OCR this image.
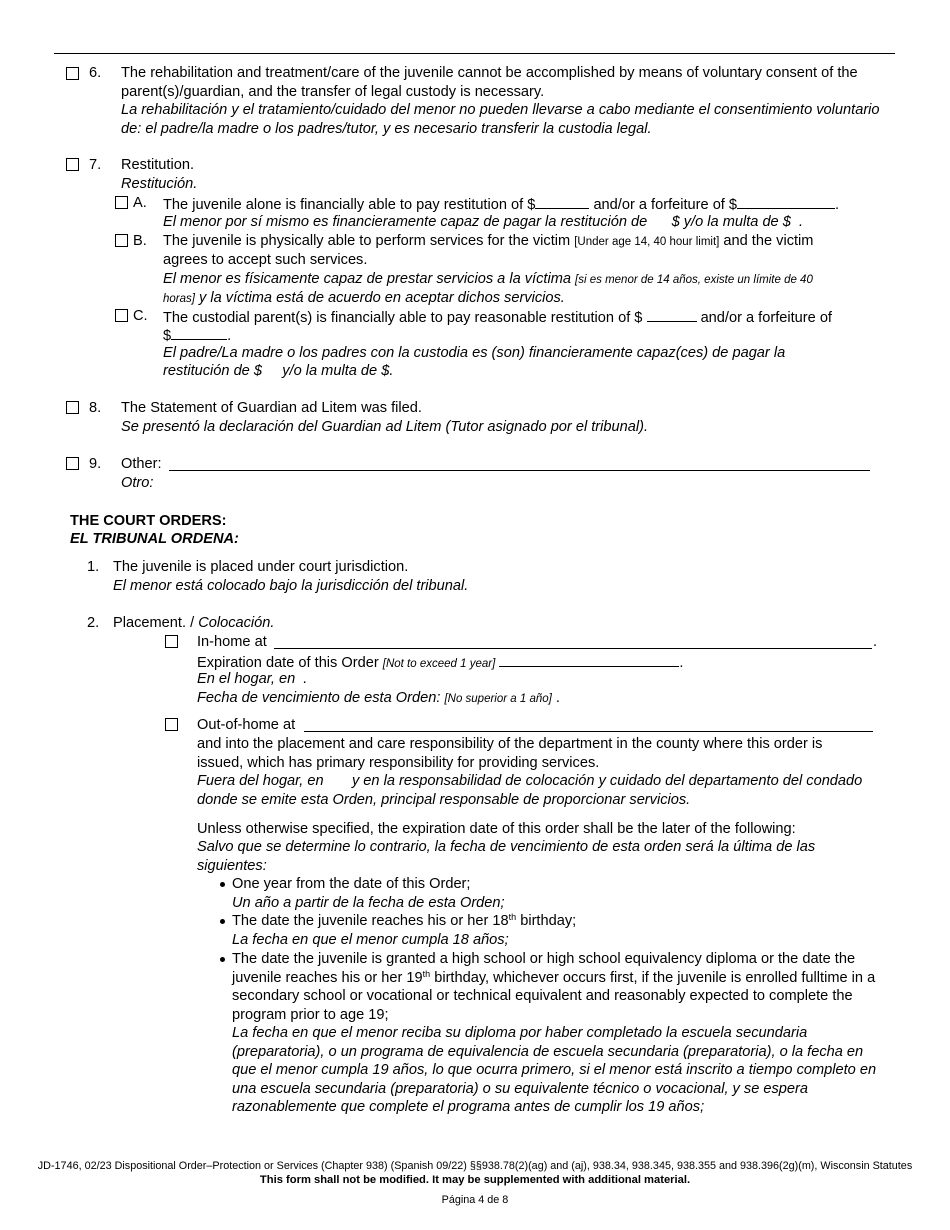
6. The rehabilitation and treatment/care of the juvenile cannot be accomplished by means of voluntary consent of the parent(s)/guardian, and the transfer of legal custody is necessary.
La rehabilitación y el tratamiento/cuidado del menor no pueden llevarse a cabo mediante el consentimiento voluntario de: el padre/la madre o los padres/tutor, y es necesario transferir la custodia legal.
7. Restitution.
Restitución.
A. The juvenile alone is financially able to pay restitution of $	and/or a forfeiture of $	.
El menor por sí mismo es financieramente capaz de pagar la restitución de      $ y/o la multa de $  .
B. The juvenile is physically able to perform services for the victim [Under age 14, 40 hour limit] and the victim
agrees to accept such services.
El menor es físicamente capaz de prestar servicios a la víctima [si es menor de 14 años, existe un límite de 40
horas] y la víctima está de acuerdo en aceptar dichos servicios.
C. The custodial parent(s) is financially able to pay reasonable restitution of $	and/or a forfeiture of
$	.
El padre/La madre o los padres con la custodia es (son) financieramente capaz(ces) de pagar la
restitución de $     y/o la multa de $.
8. The Statement of Guardian ad Litem was filed.
Se presentó la declaración del Guardian ad Litem (Tutor asignado por el tribunal).
9. Other:
Otro:
THE COURT ORDERS:
EL TRIBUNAL ORDENA:
1. The juvenile is placed under court jurisdiction.
El menor está colocado bajo la jurisdicción del tribunal.
2. Placement. / Colocación.
In-home at	.
Expiration date of this Order [Not to exceed 1 year]	.
En el hogar, en  .
Fecha de vencimiento de esta Orden: [No superior a 1 año] .
Out-of-home at
and into the placement and care responsibility of the department in the county where this order is issued, which has primary responsibility for providing services.
Fuera del hogar, en       y en la responsabilidad de colocación y cuidado del departamento del condado donde se emite esta Orden, principal responsable de proporcionar servicios.
Unless otherwise specified, the expiration date of this order shall be the later of the following:
Salvo que se determine lo contrario, la fecha de vencimiento de esta orden será la última de las siguientes:
One year from the date of this Order;
Un año a partir de la fecha de esta Orden;
The date the juvenile reaches his or her 18th birthday;
La fecha en que el menor cumpla 18 años;
The date the juvenile is granted a high school or high school equivalency diploma or the date the juvenile reaches his or her 19th birthday, whichever occurs first, if the juvenile is enrolled fulltime in a secondary school or vocational or technical equivalent and reasonably expected to complete the program prior to age 19;
La fecha en que el menor reciba su diploma por haber completado la escuela secundaria (preparatoria), o un programa de equivalencia de escuela secundaria (preparatoria), o la fecha en que el menor cumpla 19 años, lo que ocurra primero, si el menor está inscrito a tiempo completo en una escuela secundaria (preparatoria) o su equivalente técnico o vocacional, y se espera razonablemente que complete el programa antes de cumplir los 19 años;
JD-1746, 02/23 Dispositional Order–Protection or Services (Chapter 938) (Spanish 09/22) §§938.78(2)(ag) and (aj), 938.34, 938.345, 938.355 and 938.396(2g)(m), Wisconsin Statutes
This form shall not be modified. It may be supplemented with additional material.
Página 4 de 8
